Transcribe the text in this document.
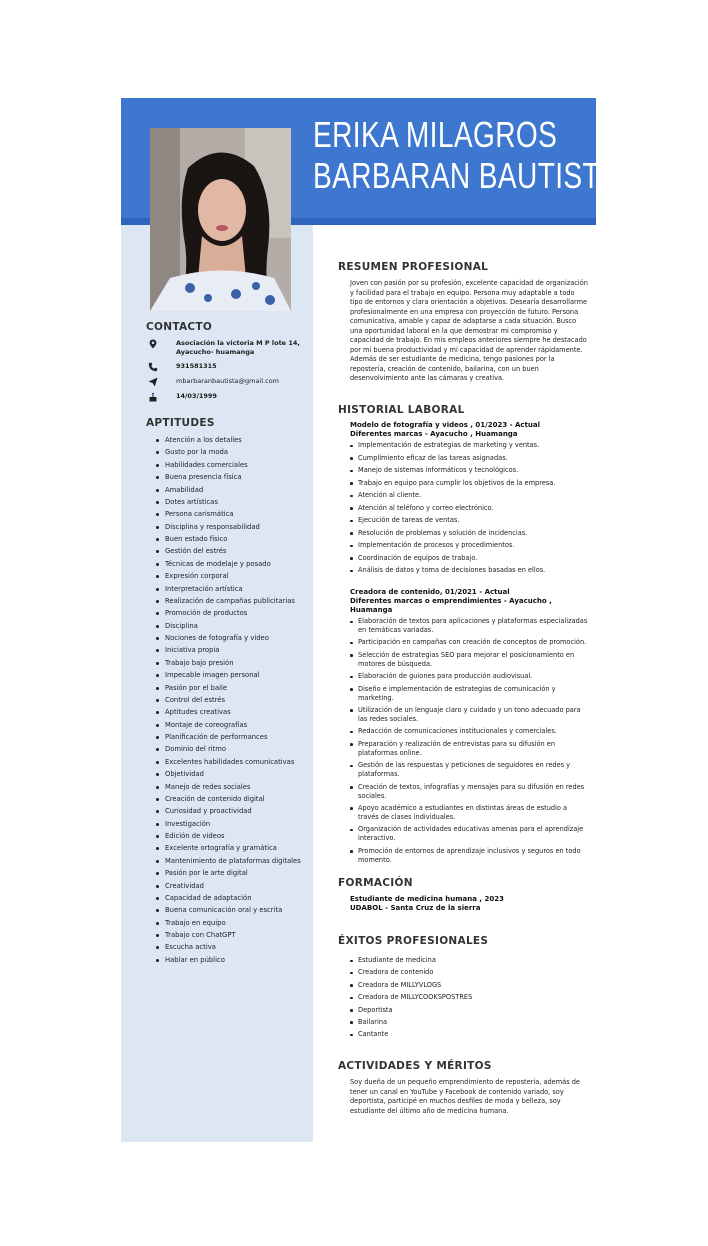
ERIKA MILAGROS
BARBARAN BAUTISTA
CONTACTO
Asociación la victoria M P lote 14, Ayacucho- huamanga
931581315
mbarbaranbautista@gmail.com
14/03/1999
APTITUDES
Atención a los detalles
Gusto por la moda
Habilidades comerciales
Buena presencia física
Amabilidad
Dotes artísticas
Persona carismática
Disciplina y responsabilidad
Buen estado físico
Gestión del estrés
Técnicas de modelaje y posado
Expresión corporal
Interpretación artística
Realización de campañas publicitarias
Promoción de productos
Disciplina
Nociones de fotografía y video
Iniciativa propia
Trabajo bajo presión
Impecable imagen personal
Pasión por el baile
Control del estrés
Aptitudes creativas
Montaje de coreografías
Planificación de performances
Dominio del ritmo
Excelentes habilidades comunicativas
Objetividad
Manejo de redes sociales
Creación de contenido digital
Curiosidad y proactividad
Investigación
Edición de videos
Excelente ortografía y gramática
Mantenimiento de plataformas digitales
Pasión por le arte digital
Creatividad
Capacidad de adaptación
Buena comunicación oral y escrita
Trabajo en equipo
Trabajo con ChatGPT
Escucha activa
Hablar en público
RESUMEN PROFESIONAL
Joven con pasión por su profesión, excelente capacidad de organización y facilidad para el trabajo en equipo. Persona muy adaptable a todo tipo de entornos y clara orientación a objetivos. Desearía desarrollarme profesionalmente en una empresa con proyección de futuro. Persona comunicativa, amable y capaz de adaptarse a cada situación. Busco una oportunidad laboral en la que demostrar mi compromiso y capacidad de trabajo. En mis empleos anteriores siempre he destacado por mi buena productividad y mi capacidad de aprender rápidamente. Además de ser estudiante de medicina, tengo pasiones por la repostería, creación de contenido, bailarina, con un buen desenvolvimiento ante las cámaras y creativa.
HISTORIAL LABORAL
Modelo de fotografía y videos , 01/2023 - Actual
Diferentes marcas - Ayacucho , Huamanga
Implementación de estrategias de marketing y ventas.
Cumplimiento eficaz de las tareas asignadas.
Manejo de sistemas informáticos y tecnológicos.
Trabajo en equipo para cumplir los objetivos de la empresa.
Atención al cliente.
Atención al teléfono y correo electrónico.
Ejecución de tareas de ventas.
Resolución de problemas y solución de incidencias.
Implementación de procesos y procedimientos.
Coordinación de equipos de trabajo.
Análisis de datos y toma de decisiones basadas en ellos.
Creadora de contenido, 01/2021 - Actual
Diferentes marcas o emprendimientes - Ayacucho , Huamanga
Elaboración de textos para aplicaciones y plataformas especializadas en temáticas variadas.
Participación en campañas con creación de conceptos de promoción.
Selección de estrategias SEO para mejorar el posicionamiento en motores de búsqueda.
Elaboración de guiones para producción audiovisual.
Diseño e implementación de estrategias de comunicación y marketing.
Utilización de un lenguaje claro y cuidado y un tono adecuado para las redes sociales.
Redacción de comunicaciones institucionales y comerciales.
Preparación y realización de entrevistas para su difusión en plataformas online.
Gestión de las respuestas y peticiones de seguidores en redes y plataformas.
Creación de textos, infografías y mensajes para su difusión en redes sociales.
Apoyo académico a estudiantes en distintas áreas de estudio a través de clases individuales.
Organización de actividades educativas amenas para el aprendizaje interactivo.
Promoción de entornos de aprendizaje inclusivos y seguros en todo momento.
FORMACIÓN
Estudiante de medicina humana , 2023
UDABOL - Santa Cruz de la sierra
ÉXITOS PROFESIONALES
Estudiante de medicina
Creadora de contenido
Creadora de MILLYVLOGS
Creadora de MILLYCOOKSPOSTRES
Deportista
Bailarina
Cantante
ACTIVIDADES Y MÉRITOS
Soy dueña de un pequeño emprendimiento de repostería, además de tener un canal en YouTube y Facebook de contenido variado, soy deportista, participé en muchos desfiles de moda y belleza, soy estudiante del último año de medicina humana.
